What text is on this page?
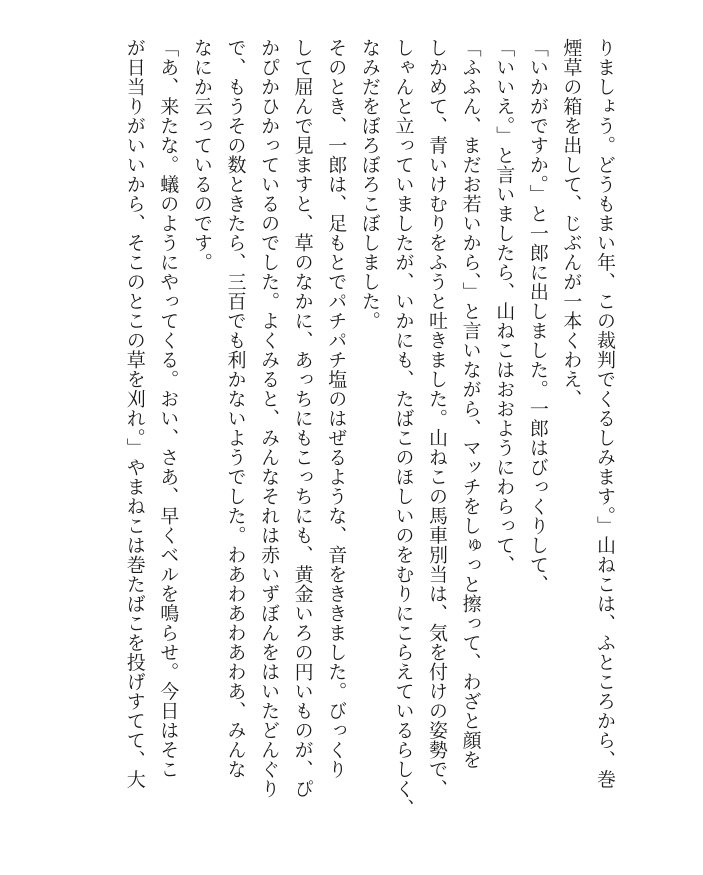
りましょう。どうもまい年、この裁判でくるしみます。」山ねこは、ふところから、巻
煙草の箱を出して、じぶんが一本くわえ、
「いかがですか。」と一郎に出しました。一郎はびっくりして、
「いいえ。」と言いましたら、山ねこはおおようにわらって、
「ふふん、まだお若いから、」と言いながら、マッチをしゅっと擦って、わざと顔を
しかめて、青いけむりをふうと吐きました。山ねこの馬車別当は、気を付けの姿勢で、
しゃんと立っていましたが、いかにも、たばこのほしいのをむりにこらえているらしく、
なみだをぼろぼろこぼしました。
そのとき、一郎は、足もとでパチパチ塩のはぜるような、音をききました。びっくり
して屈んで見ますと、草のなかに、あっちにもこっちにも、黄金いろの円いものが、ぴ
かぴかひかっているのでした。よくみると、みんなそれは赤いずぼんをはいたどんぐり
で、もうその数ときたら、三百でも利かないようでした。わあわあわあわあ、みんな
なにか云っているのです。
「あ、来たな。蟻のようにやってくる。おい、さあ、早くベルを鳴らせ。今日はそこ
が日当りがいいから、そこのとこの草を刈れ。」やまねこは巻たばこを投げすてて、大
